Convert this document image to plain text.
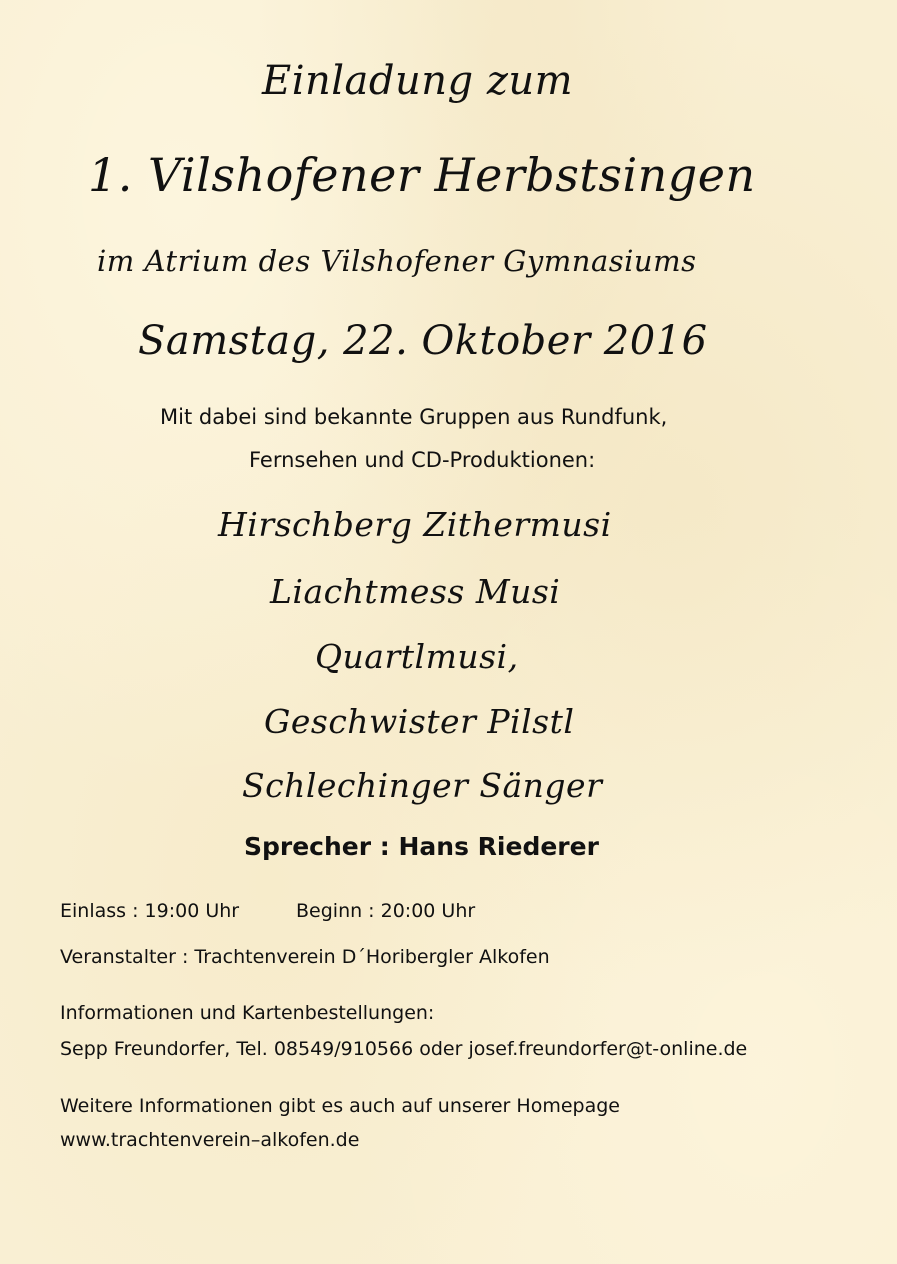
Einladung zum

1. Vilshofener Herbstsingen

im Atrium des Vilshofener Gymnasiums

Samstag, 22. Oktober 2016

Mit dabei sind bekannte Gruppen aus Rundfunk,

Fernsehen und CD-Produktionen:

Hirschberg Zithermusi

Liachtmess Musi

Quartlmusi,

Geschwister Pilstl

Schlechinger Sänger

Sprecher : Hans Riederer

Einlass : 19:00 Uhr	Beginn : 20:00 Uhr

Veranstalter : Trachtenverein D´Horibergler Alkofen

Informationen und Kartenbestellungen:

Sepp Freundorfer, Tel. 08549/910566 oder josef.freundorfer@t-online.de

Weitere Informationen gibt es auch auf unserer Homepage

www.trachtenverein–alkofen.de
